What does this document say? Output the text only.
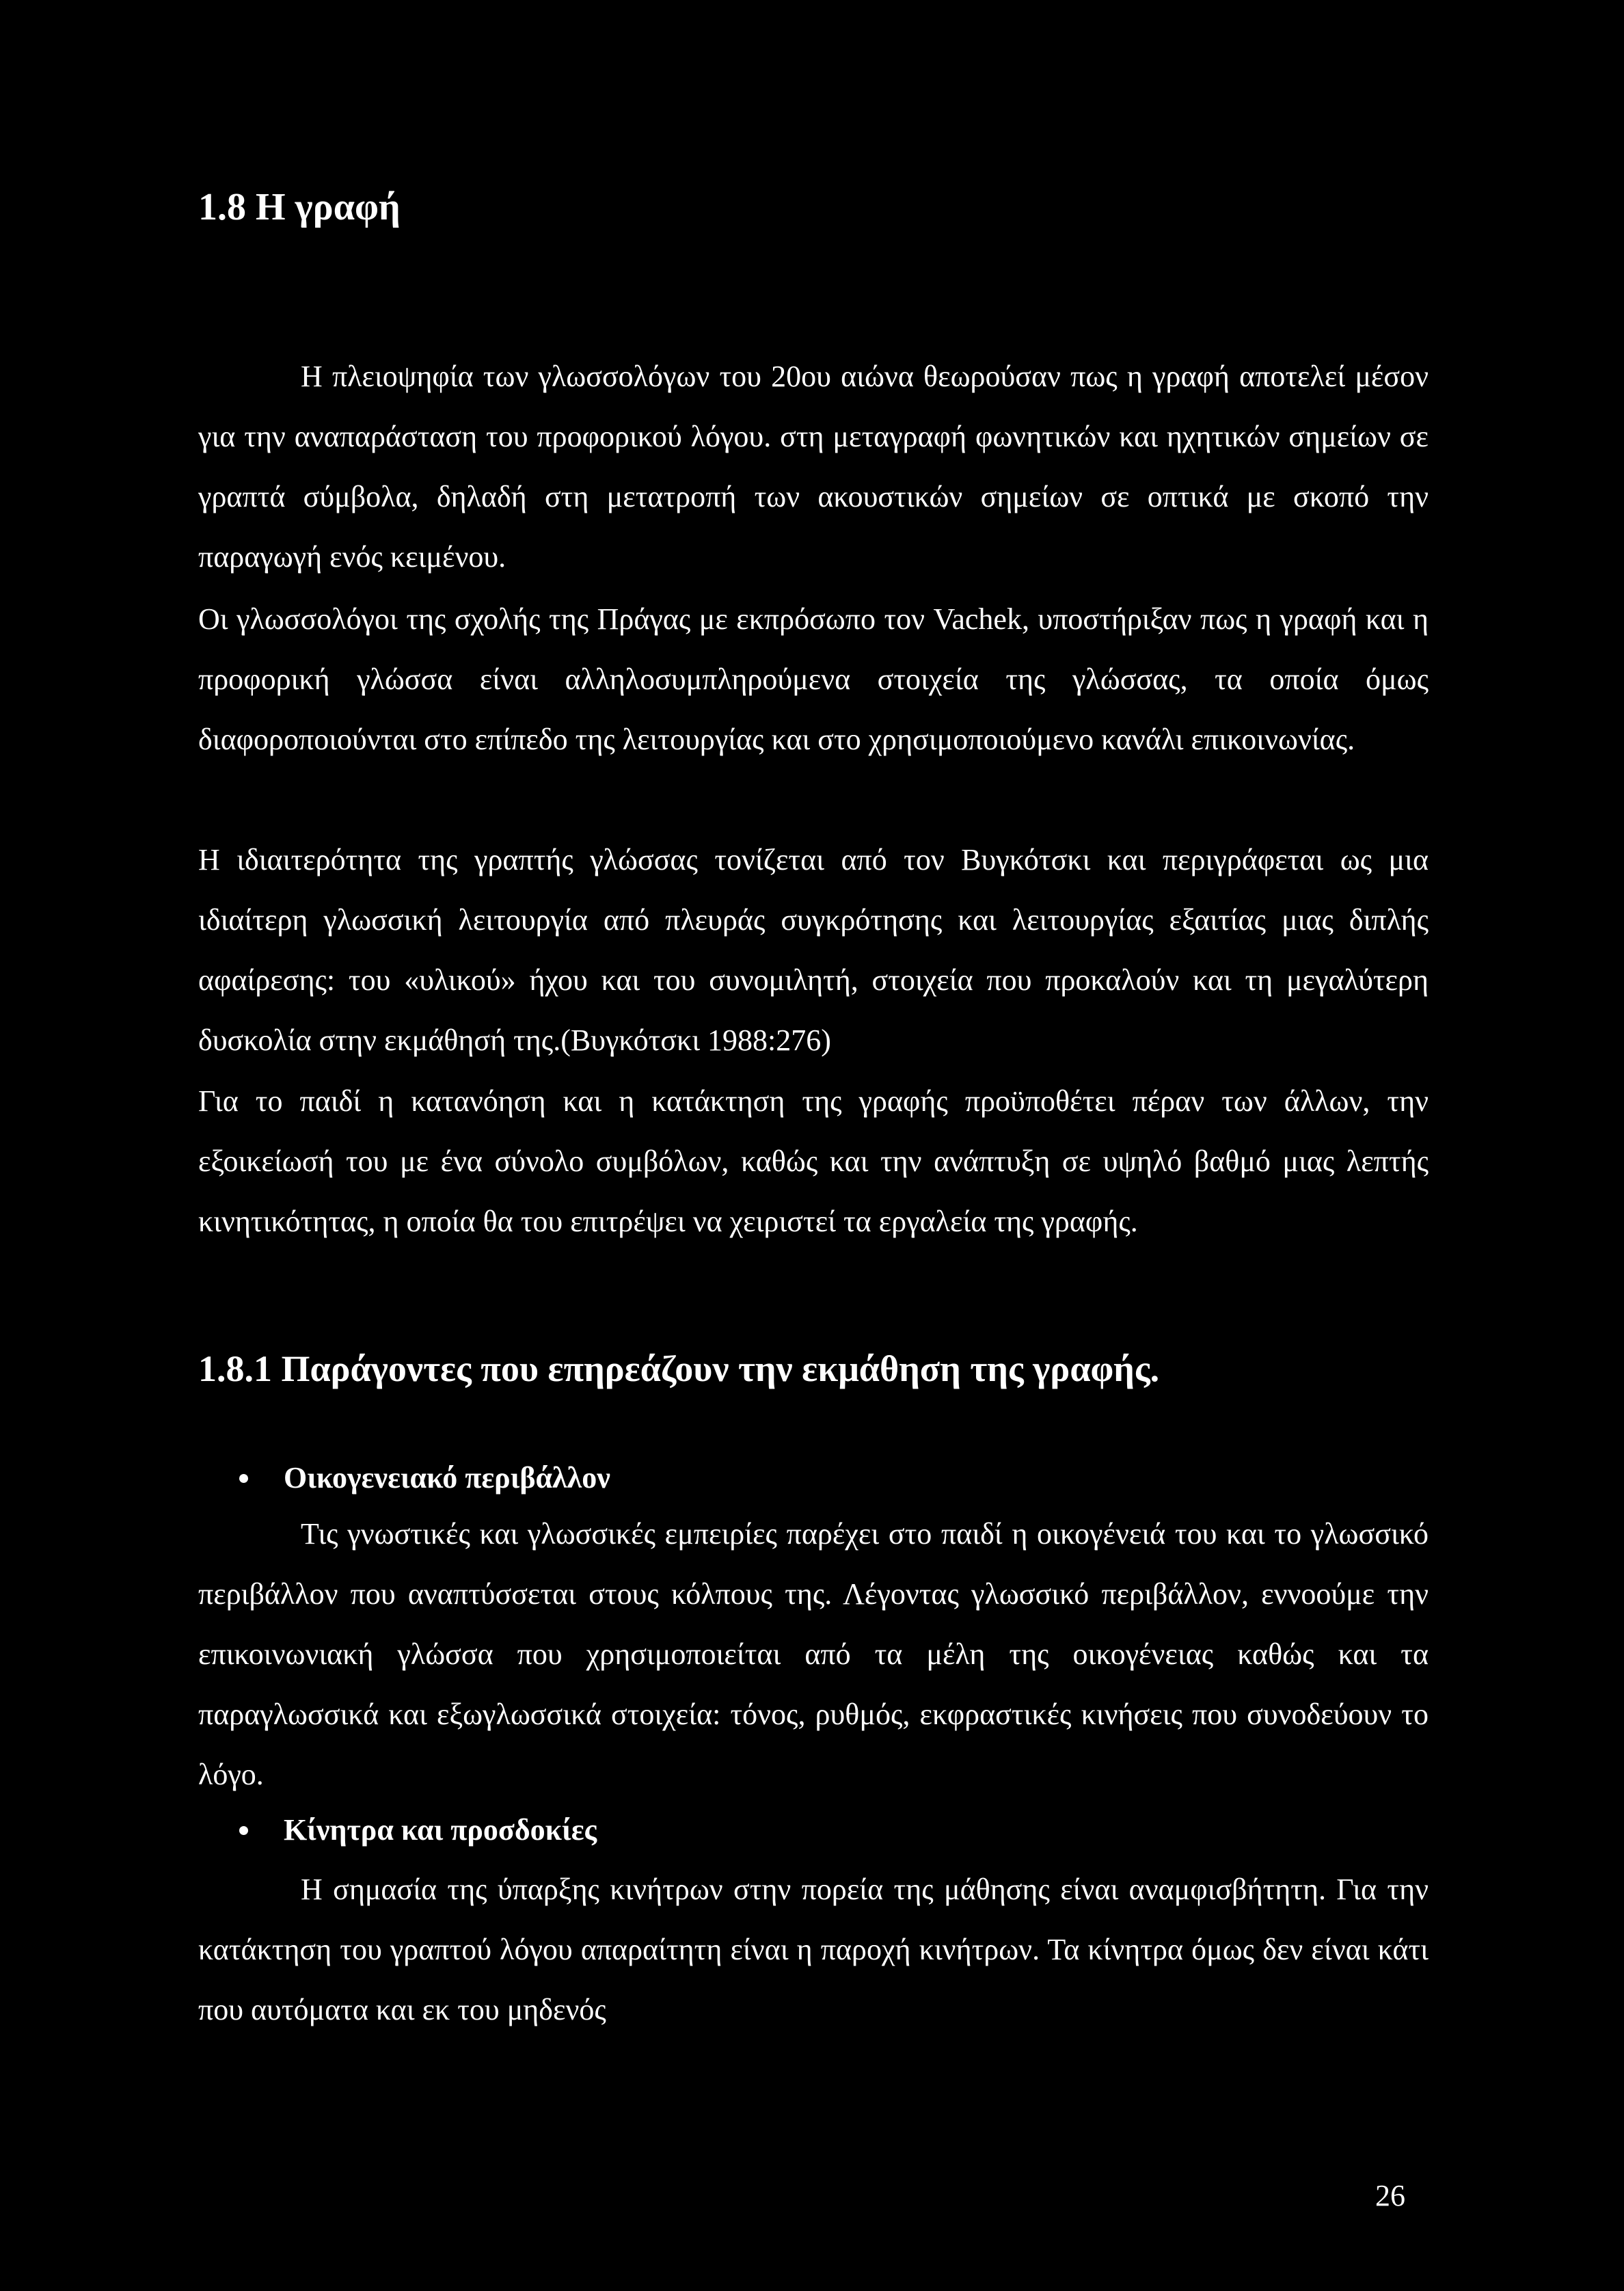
1.8 Η γραφή

Η πλειοψηφία των γλωσσολόγων του 20ου αιώνα θεωρούσαν πως η γραφή αποτελεί μέσον για την αναπαράσταση του προφορικού λόγου. στη μεταγραφή φωνητικών και ηχητικών σημείων σε γραπτά σύμβολα, δηλαδή στη μετατροπή των ακουστικών σημείων σε οπτικά με σκοπό την παραγωγή ενός κειμένου.

Οι γλωσσολόγοι της σχολής της Πράγας με εκπρόσωπο τον Vachek, υποστήριξαν πως η γραφή και η προφορική γλώσσα είναι αλληλοσυμπληρούμενα στοιχεία της γλώσσας, τα οποία όμως διαφοροποιούνται στο επίπεδο της λειτουργίας και στο χρησιμοποιούμενο κανάλι επικοινωνίας.

Η ιδιαιτερότητα της γραπτής γλώσσας τονίζεται από τον Βυγκότσκι και περιγράφεται ως μια ιδιαίτερη γλωσσική λειτουργία από πλευράς συγκρότησης και λειτουργίας εξαιτίας μιας διπλής αφαίρεσης: του «υλικού» ήχου και του συνομιλητή, στοιχεία που προκαλούν και τη μεγαλύτερη δυσκολία στην εκμάθησή της.(Βυγκότσκι 1988:276)

Για το παιδί η κατανόηση και η κατάκτηση της γραφής προϋποθέτει πέραν των άλλων, την εξοικείωσή του με ένα σύνολο συμβόλων, καθώς και την ανάπτυξη σε υψηλό βαθμό μιας λεπτής κινητικότητας, η οποία θα του επιτρέψει να χειριστεί τα εργαλεία της γραφής.

1.8.1 Παράγοντες που επηρεάζουν την εκμάθηση της γραφής.
Οικογενειακό περιβάλλον

Τις γνωστικές και γλωσσικές εμπειρίες παρέχει στο παιδί η οικογένειά του και το γλωσσικό περιβάλλον που αναπτύσσεται στους κόλπους της. Λέγοντας γλωσσικό περιβάλλον, εννοούμε την επικοινωνιακή γλώσσα που χρησιμοποιείται από τα μέλη της οικογένειας καθώς και τα παραγλωσσικά και εξωγλωσσικά στοιχεία: τόνος, ρυθμός, εκφραστικές κινήσεις που συνοδεύουν το λόγο.

Κίνητρα και προσδοκίες

Η σημασία της ύπαρξης κινήτρων στην πορεία της μάθησης είναι αναμφισβήτητη. Για την κατάκτηση του γραπτού λόγου απαραίτητη είναι η παροχή κινήτρων. Τα κίνητρα όμως δεν είναι κάτι που αυτόματα και εκ του μηδενός

26
